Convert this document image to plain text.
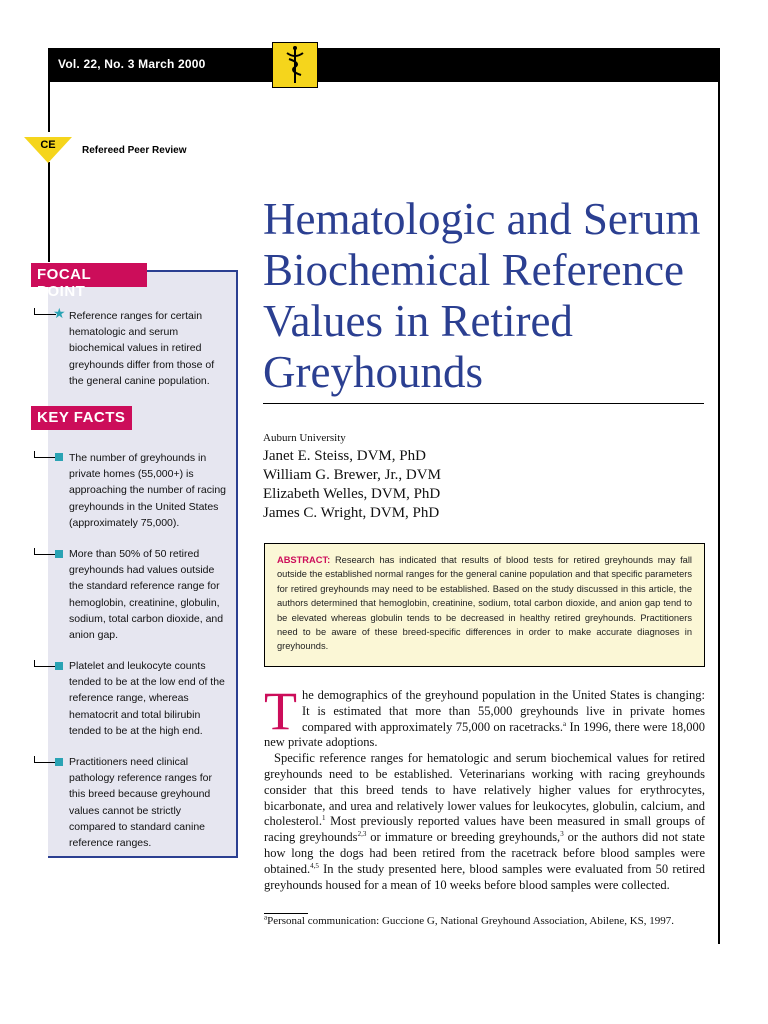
Vol. 22, No. 3 March 2000
CE	Refereed Peer Review
FOCAL POINT
KEY FACTS
★ Reference ranges for certain hematologic and serum biochemical values in retired greyhounds differ from those of the general canine population.
The number of greyhounds in private homes (55,000+) is approaching the number of racing greyhounds in the United States (approximately 75,000).
More than 50% of 50 retired greyhounds had values outside the standard reference range for hemoglobin, creatinine, globulin, sodium, total carbon dioxide, and anion gap.
Platelet and leukocyte counts tended to be at the low end of the reference range, whereas hematocrit and total bilirubin tended to be at the high end.
Practitioners need clinical pathology reference ranges for this breed because greyhound values cannot be strictly compared to standard canine reference ranges.
Hematologic and Serum Biochemical Reference Values in Retired Greyhounds
Auburn University
Janet E. Steiss, DVM, PhD
William G. Brewer, Jr., DVM
Elizabeth Welles, DVM, PhD
James C. Wright, DVM, PhD
ABSTRACT: Research has indicated that results of blood tests for retired greyhounds may fall outside the established normal ranges for the general canine population and that specific parameters for retired greyhounds may need to be established. Based on the study discussed in this article, the authors determined that hemoglobin, creatinine, sodium, total carbon dioxide, and anion gap tend to be elevated whereas globulin tends to be decreased in healthy retired greyhounds. Practitioners need to be aware of these breed-specific differences in order to make accurate diagnoses in greyhounds.

The demographics of the greyhound population in the United States is changing: It is estimated that more than 55,000 greyhounds live in private homes compared with approximately 75,000 on racetracks.$^a$ In 1996, there were 18,000 new private adoptions.

Specific reference ranges for hematologic and serum biochemical values for retired greyhounds need to be established. Veterinarians working with racing greyhounds consider that this breed tends to have relatively higher values for erythrocytes, bicarbonate, and urea and relatively lower values for leukocytes, globulin, calcium, and cholesterol.$^1$ Most previously reported values have been measured in small groups of racing greyhounds$^{2,3}$ or immature or breeding greyhounds,$^3$ or the authors did not state how long the dogs had been retired from the racetrack before blood samples were obtained.$^{4,5}$ In the study presented here, blood samples were evaluated from 50 retired greyhounds housed for a mean of 10 weeks before blood samples were collected.

$^a$Personal communication: Guccione G, National Greyhound Association, Abilene, KS, 1997.
